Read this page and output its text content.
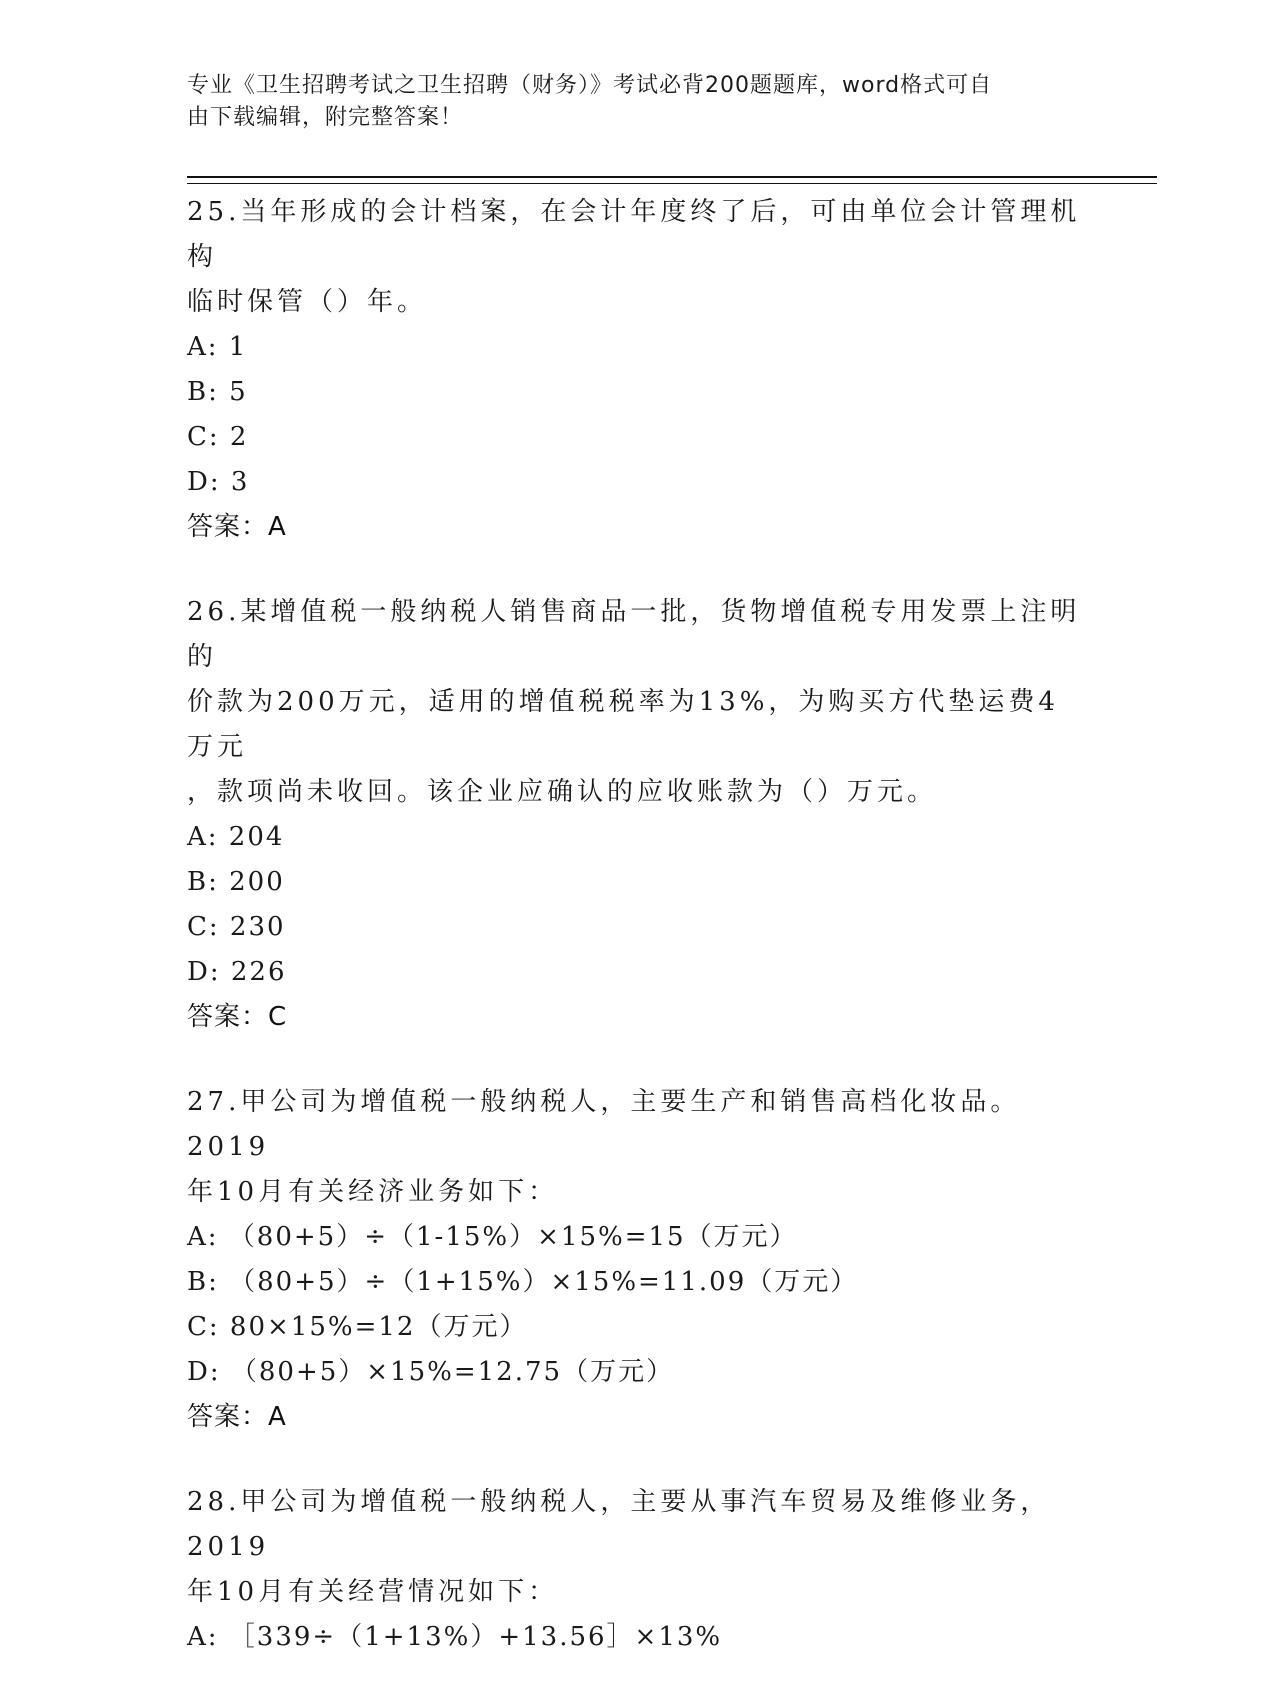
专业《卫生招聘考试之卫生招聘（财务）》考试必背200题题库，word格式可自
由下载编辑，附完整答案！
25.当年形成的会计档案，在会计年度终了后，可由单位会计管理机构
临时保管（）年。
A: 1
B: 5
C: 2
D: 3
答案：A
26.某增值税一般纳税人销售商品一批，货物增值税专用发票上注明的
价款为200万元，适用的增值税税率为13%，为购买方代垫运费4万元
，款项尚未收回。该企业应确认的应收账款为（）万元。
A: 204
B: 200
C: 230
D: 226
答案：C
27.甲公司为增值税一般纳税人，主要生产和销售高档化妆品。2019
年10月有关经济业务如下：
A: （80+5）÷（1-15%）×15%=15（万元）
B: （80+5）÷（1+15%）×15%=11.09（万元）
C: 80×15%=12（万元）
D: （80+5）×15%=12.75（万元）
答案：A
28.甲公司为增值税一般纳税人，主要从事汽车贸易及维修业务，2019
年10月有关经营情况如下：
A: ［339÷（1+13%）+13.56］×13%
